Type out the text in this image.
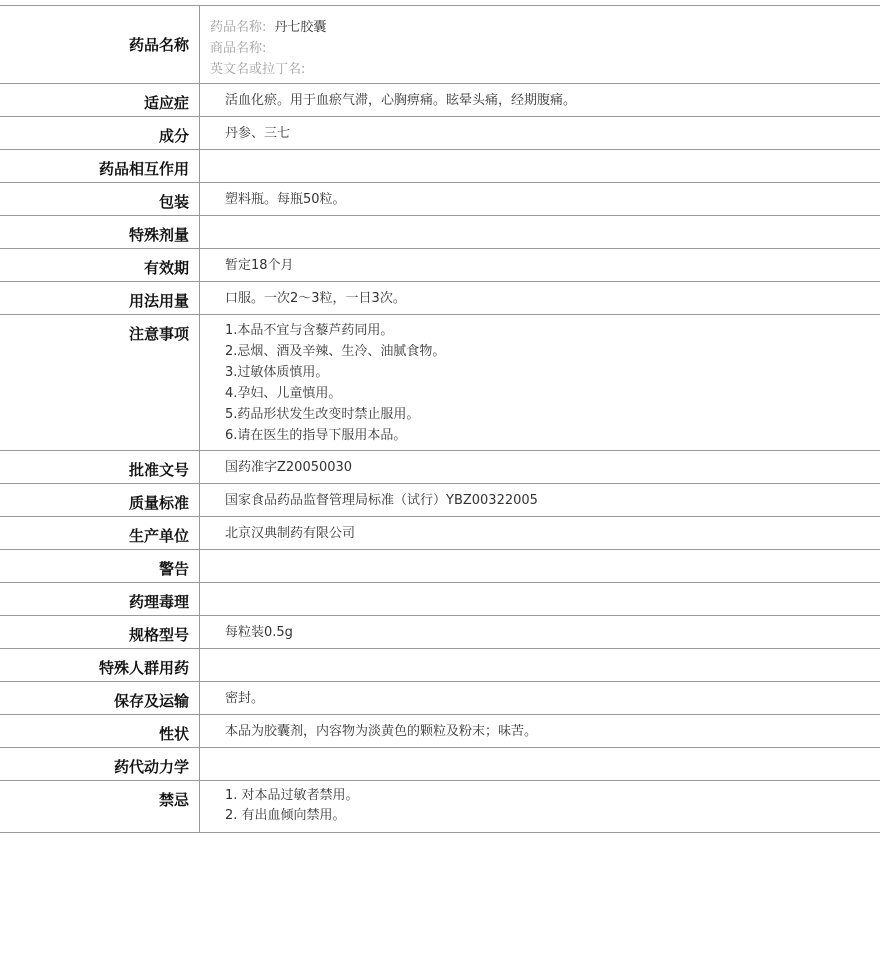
药品名称
药品名称: 丹七胶囊
商品名称:
英文名或拉丁名:
适应症	活血化瘀。用于血瘀气滞，心胸痹痛。眩晕头痛，经期腹痛。
成分	丹参、三七
药品相互作用
包装	塑料瓶。每瓶50粒。
特殊剂量
有效期	暂定18个月
用法用量	口服。一次2～3粒，一日3次。
注意事项	1.本品不宜与含藜芦药同用。
2.忌烟、酒及辛辣、生冷、油腻食物。
3.过敏体质慎用。
4.孕妇、儿童慎用。
5.药品形状发生改变时禁止服用。
6.请在医生的指导下服用本品。
批准文号	国药准字Z20050030
质量标准	国家食品药品监督管理局标准（试行）YBZ00322005
生产单位	北京汉典制药有限公司
警告
药理毒理
规格型号	每粒装0.5g
特殊人群用药
保存及运输	密封。
性状	本品为胶囊剂，内容物为淡黄色的颗粒及粉末；味苦。
药代动力学
禁忌	1. 对本品过敏者禁用。
2. 有出血倾向禁用。
